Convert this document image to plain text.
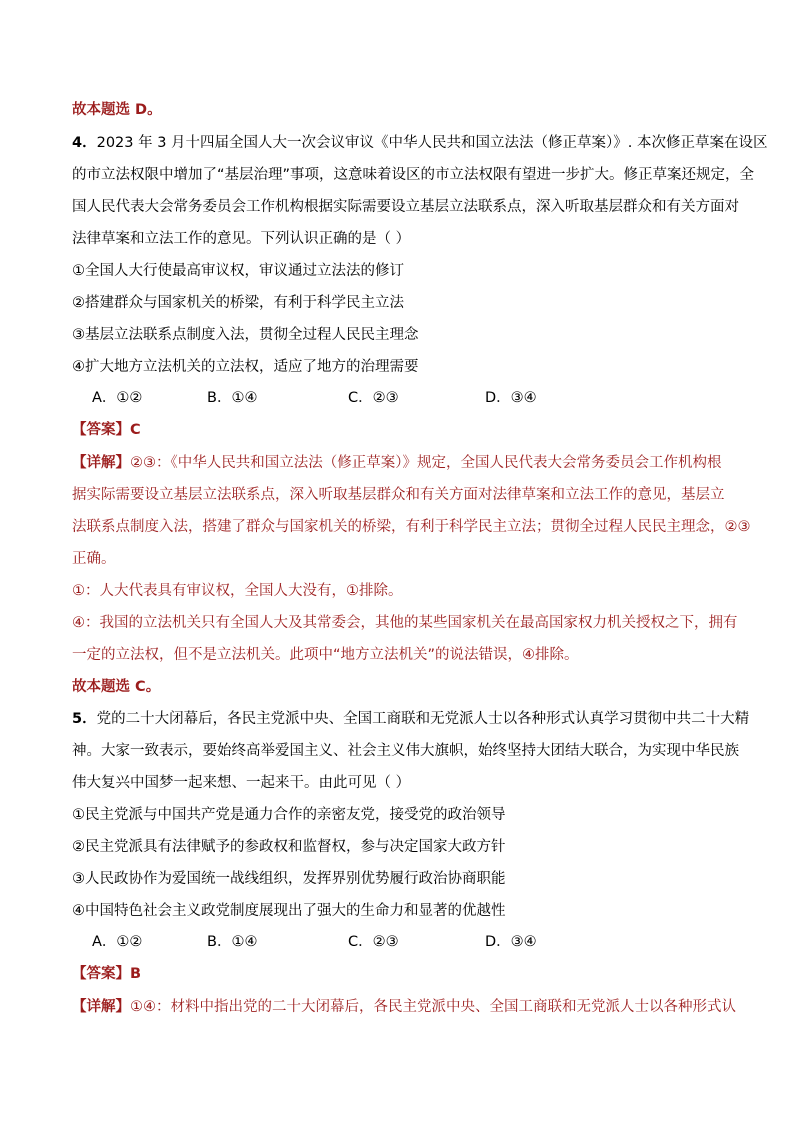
故本题选 D。
4．2023 年 3 月十四届全国人大一次会议审议《中华人民共和国立法法（修正草案）》. 本次修正草案在设区
的市立法权限中增加了“基层治理”事项，这意味着设区的市立法权限有望进一步扩大。修正草案还规定，全
国人民代表大会常务委员会工作机构根据实际需要设立基层立法联系点，深入听取基层群众和有关方面对
法律草案和立法工作的意见。下列认识正确的是（ ）
①全国人大行使最高审议权，审议通过立法法的修订
②搭建群众与国家机关的桥梁，有利于科学民主立法
③基层立法联系点制度入法，贯彻全过程人民民主理念
④扩大地方立法机关的立法权，适应了地方的治理需要
A．①②	B．①④	C．②③	D．③④
【答案】C
【详解】②③：《中华人民共和国立法法（修正草案）》规定，全国人民代表大会常务委员会工作机构根
据实际需要设立基层立法联系点，深入听取基层群众和有关方面对法律草案和立法工作的意见，基层立
法联系点制度入法，搭建了群众与国家机关的桥梁，有利于科学民主立法；贯彻全过程人民民主理念，②③
正确。
①：人大代表具有审议权，全国人大没有，①排除。
④：我国的立法机关只有全国人大及其常委会，其他的某些国家机关在最高国家权力机关授权之下，拥有
一定的立法权，但不是立法机关。此项中“地方立法机关”的说法错误，④排除。
故本题选 C。
5．党的二十大闭幕后，各民主党派中央、全国工商联和无党派人士以各种形式认真学习贯彻中共二十大精
神。大家一致表示，要始终高举爱国主义、社会主义伟大旗帜，始终坚持大团结大联合，为实现中华民族
伟大复兴中国梦一起来想、一起来干。由此可见（ ）
①民主党派与中国共产党是通力合作的亲密友党，接受党的政治领导
②民主党派具有法律赋予的参政权和监督权，参与决定国家大政方针
③人民政协作为爱国统一战线组织，发挥界别优势履行政治协商职能
④中国特色社会主义政党制度展现出了强大的生命力和显著的优越性
A．①②	B．①④	C．②③	D．③④
【答案】B
【详解】①④：材料中指出党的二十大闭幕后，各民主党派中央、全国工商联和无党派人士以各种形式认
